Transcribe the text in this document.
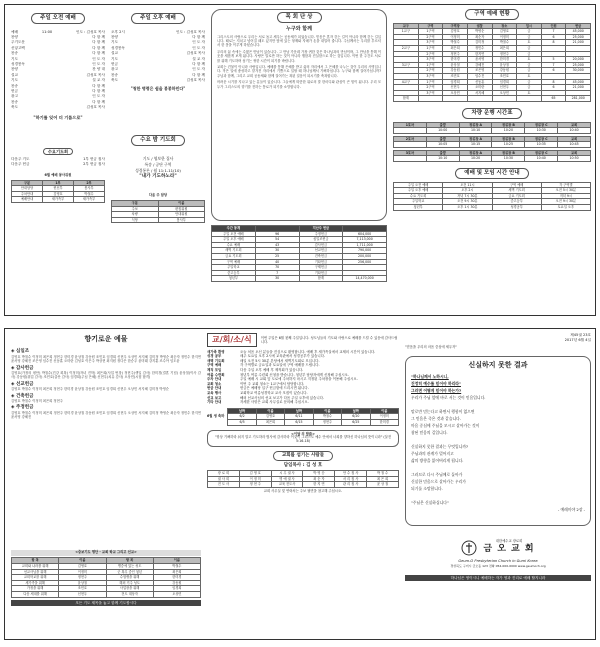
주일 오전 예배
예배	11:00	인도 : 김성호 목사
찬양	다 함 께
주기도문	다 함 께
신앙고백	다 함 께
찬송	다 함 께
기도	인 도 자
성경봉독	인 도 자
찬양	찬 양 대
설교	김성호 목사
기도	설 교 자
찬송	다 함 께
헌금	다 함 께
광고	인 도 자
찬송	다 함 께
축도	김성호 목사
"하기를 잊어 더 기름으로"
수요기도회
다음주 기도	1부 헌금 집사
다음주 헌금	2부 헌금 집사
6월 예배 봉사위원
구분	1부	2부
안내담당	헌신부	봉사부
주차안내	김영호	박철수
예배안내	새가족부	새가족부
주일 오후 예배
오후 2시	인도 : 김성호 목사
찬양	다 함 께
기도	인 도 자
성경봉독	인 도 자
설교	김성호 목사
기도	설 교 자
헌금	다 함 께
광고	인 도 자
찬송	다 함 께
축도	김성호 목사
"청한 명령은 쉽을 봉봉하민다"
수요 밤 기도회
기도 / 영보한 집사
특송 / 공단 구역
성경통론 / 월 11:1-11(10)
"내가 기도하노라"
다음 주 담당
구분	이름
주보	편집위원
차량	안내위원
식당	봉사부
목 회 단 상
누구와 함께

그리스도의 사랑으로 우리는 서로 돕고 세우는 공동체가 되었습니다. 믿음은 혼자 걷는 길이 아니라 함께 걷는 길입니다. 때로는 지치고 넘어질 때도 있지만 옆에 있는 형제와 자매가 손을 내밀어 줍니다. 주님께서는 우리를 부르셔서 한 몸을 이루게 하셨습니다.

우리의 삶 속에는 수많은 만남이 있습니다. 그 만남 가운데 가장 귀한 것은 하나님과의 만남이며, 그 만남을 통해 이웃을 새롭게 보게 됩니다. 사랑은 말로만 하는 것이 아니라 행함과 진실함으로 하는 것입니다. 이번 한 주간도 서로를 위해 기도하며 섬기는 귀한 시간이 되기를 바랍니다.

교회는 건물이 아니라 사람입니다. 예배를 통해 은혜를 받고 삶의 자리에서 그 은혜를 나누는 것이 우리의 사명입니다. 작은 일에 충성하고 맡겨진 자리에서 기쁨으로 일할 때 하나님께서 기뻐하십니다. 누구와 함께 걸어가십니까? 주님과 함께, 그리고 교회 공동체와 함께 걸어가는 복된 걸음이 되시기를 축복합니다.

어려운 시기를 지나고 있는 분들이 있습니다. 그들에게 따뜻한 위로의 말 한마디와 관심이 큰 힘이 됩니다. 우리 모두가 그리스도의 향기를 전하는 통로가 되기를 소망합니다.

주간 통계		지난주 헌금	
주일 오전 예배	96	주정헌금	604,000
주일 오후 예배	54	십일조헌금	7,113,000
수요 예배	43	감사헌금	1,711,000
새벽 기도회	30	선교헌금	790,000
금요 기도회	25	건축헌금	200,000
구역 예배	40	기타헌금	256,000
주일학교	70	구제헌금	
중고등부	7	기타헌금	
청년부	30	합계	14,470,000
구역 예배 현황
교구	구역	구역장	권찰	장소	일시	인원	헌금
1교구	1구역	김영호	박영순	김영호	금	7	45,000
	2구역	이정미	최순자	이정미	금	6	25,000
	3구역	박철수	김미정	박철수	토	8	21,000
2교구	1구역	최은희	정민수	최은희	금		
	2구역	정현주	한지연	정현주	금		
	3구역	한미경	윤서영	한미경	토	5	20,000
3교구	1구역	윤상철	강혜진	윤상철	금	7	25,000
	2구역	강동원	조은영	강동원	금	6	30,000
	3구역	조민호	임수진	조민호	토		
4교구	1구역	임경희	신동훈	임경희	금	8	45,000
	2구역	신현우	오미란	신현우	금	6	21,000
	3구역	오상민	서지혜	오상민	토		
합계						65	281,000
차량 운행 시간표
1호차	출발	정류장 A	정류장 B	정류장 C	교회
	10:00	10:10	10:20	10:30	10:40
2호차	출발	정류장 A	정류장 B	정류장 C	교회
	10:05	10:15	10:25	10:35	10:45
3호차	출발	정류장 A	정류장 B	정류장 C	교회
	10:10	10:20	10:30	10:40	10:50
예배 및 모임 시간 안내
주일 오전 예배	오전 11시	구역 예배	각 구역별
주일 오후 예배	오후 2시	새벽 기도회	오전 5시 30분
수요 기도회	저녁 7시 30분	금요 기도회	저녁 9시
주일학교	오전 9시 30분	중고등부	오전 9시 30분
청년부	오후 1시 30분	성경공부	토요일 오후
향기로운 예물
◈ 십일조
김영호 박철수 이정미 최은희 정현주 한미경 윤상철 강동원 조민호 임경희 신현우 오상민 서지혜 김미정 박영순 최순자 정민수 한지연 윤서영 강혜진 조은영 임수진 신동훈 오미란 김성호 이은주 박상현 최지원 정다은 한승우 윤미래 강지훈 조수아 임도윤
◈ 감사헌금
김영호(가정의 평안) 박철수(건강 회복) 이정미(자녀 진학) 최은희(사업 번창) 정현주(생일 감사) 한미경(결혼 기념) 윤상철(이사 감사) 강동원(취업 감사) 조민호(출산 감사) 임경희(주님 은혜) 신현우(치유 감사) 오상민(시험 합격)
◈ 선교헌금
김영호 박철수 이정미 최은희 정현주 한미경 윤상철 강동원 조민호 임경희 신현우 오상민 서지혜 김미정 박영순
◈ 건축헌금
김영호 박철수 이정미 최은희 정현주
◈ 주정헌금
김영호 박철수 이정미 최은희 정현주 한미경 윤상철 강동원 조민호 임경희 신현우 오상민 서지혜 김미정 박영순 최순자 정민수 한지연 윤서영 강혜진
<중보기도 명단 - 교회 학교 그리고 선교>
항 목	이름	항 목	이름
교회와 나라를 위해	김영호	병중에 있는 성도	박철수
선교사님을 위해	이정미	군 복무 중인 청년	최은희
교회학교를 위해	정현주	수험생을 위해	한미경
새가족을 위해	윤상철	해외 거주 성도	강동원
가정을 위해	조민호	사업장을 위해	임경희
다음 세대를 위해	신현우	전도 대상자	오상민
모든 기도 제목을 놓고 함께 기도합시다
교/회/소/식	이번 주일은 6월 첫째 주일입니다. 성도님들의 기도와 사랑으로 예배를 드릴 수 있음에 감사드립니다.
새가족 환영	오늘 처음 오신 분들을 진심으로 환영합니다. 예배 후 새가족실에서 교제의 시간이 있습니다.
성경 공부	매주 토요일 오후 2시에 교육관에서 성경공부가 있습니다.
새벽 기도회	매일 오전 5시 30분 본당에서 새벽기도회로 모입니다.
구역 예배	각 구역별로 금요일과 토요일에 구역 예배를 드립니다.
제직 모임	다음 주일 오후 예배 후 제직회가 있습니다.
여름 수련회	청년부 여름 수련회 신청을 받습니다. 청년부 담당자에게 신청해 주십시오.
주차 안내	주일 예배 시 교회 앞 도로에 주차하지 마시고 지정된 주차장을 이용해 주십시오.
교회 청소	이번 주 교회 청소는 1교구에서 담당합니다.
헌금 안내	헌금은 예배당 입구 헌금함에 드리시면 됩니다.
교육 행사	교회학교 여름성경학교 교사 모집이 있습니다.
선교 보고	해외 선교사님의 선교 보고가 다음 주일 오후에 있습니다.
기타 안내	자세한 사항은 교회 사무실로 문의해 주십시오.
6월 생 축하
날짜	이름	날짜	이름	날짜	이름
6/2	김영호	6/11	박철수	6/20	이정미
6/5	최은희	6/15	정현주	6/25	한미경
<이달 의 말씀>
"항상 기뻐하라 쉬지 말고 기도하라 범사에 감사하라 이것이 그리스도 예수 안에서 너희를 향하신 하나님의 뜻이니라" (살전 5:16-18)
교회를 섬기는 사람들
담임목사 : 김 성 호
장 로 회	김 영 호	시 무 권 사	박 영 순	안 수 집 사	박 철 수
권 사 회	이 정 미	명 예 권 사	최 순 자	서 리 집 사	최 은 희
전 도 사	정 현 주	교육 전도사	한 지 연	관 리 집 사	윤 상 철
교회 사무실 및 연락처는 주보 뒷면을 참고해 주십시오.
제45권 23호
2017년 6월 4일
"믿음을 우리의 마음 중심에 세우자"
신실하지 못한 결과
"하나님께서 노하시니,
진정히 예수를 믿어야 하리라"
그러면 어떻게 믿어야 하는가?
우리가 주님 앞에 바로 서는 것이 믿음입니다.

말로만 믿는다고 하면서 행함이 없으면
그 믿음은 죽은 것과 같습니다.
마음 중심에 주님을 모시고 살아가는 것이
참된 믿음의 길입니다.

신실하지 못한 결과는 무엇입니까?
주님과의 관계가 멀어지고
삶의 방향을 잃어버리게 됩니다.

그러므로 다시 주님께로 돌아가
신실한 믿음으로 살아가는 우리가
되기를 소망합니다.

"주님은 신실하십니다"
- 예레미야 2장 -
대한예수교 장로회
금 오 교 회
Geum-O Presbyterian Church in Gumi Korea
경상북도 구미시 금오동 123 전화 054-000-0000 www.geumoch.org
하나님은 영이시니 예배하는 자가 영과 진리로 예배 할지니라
